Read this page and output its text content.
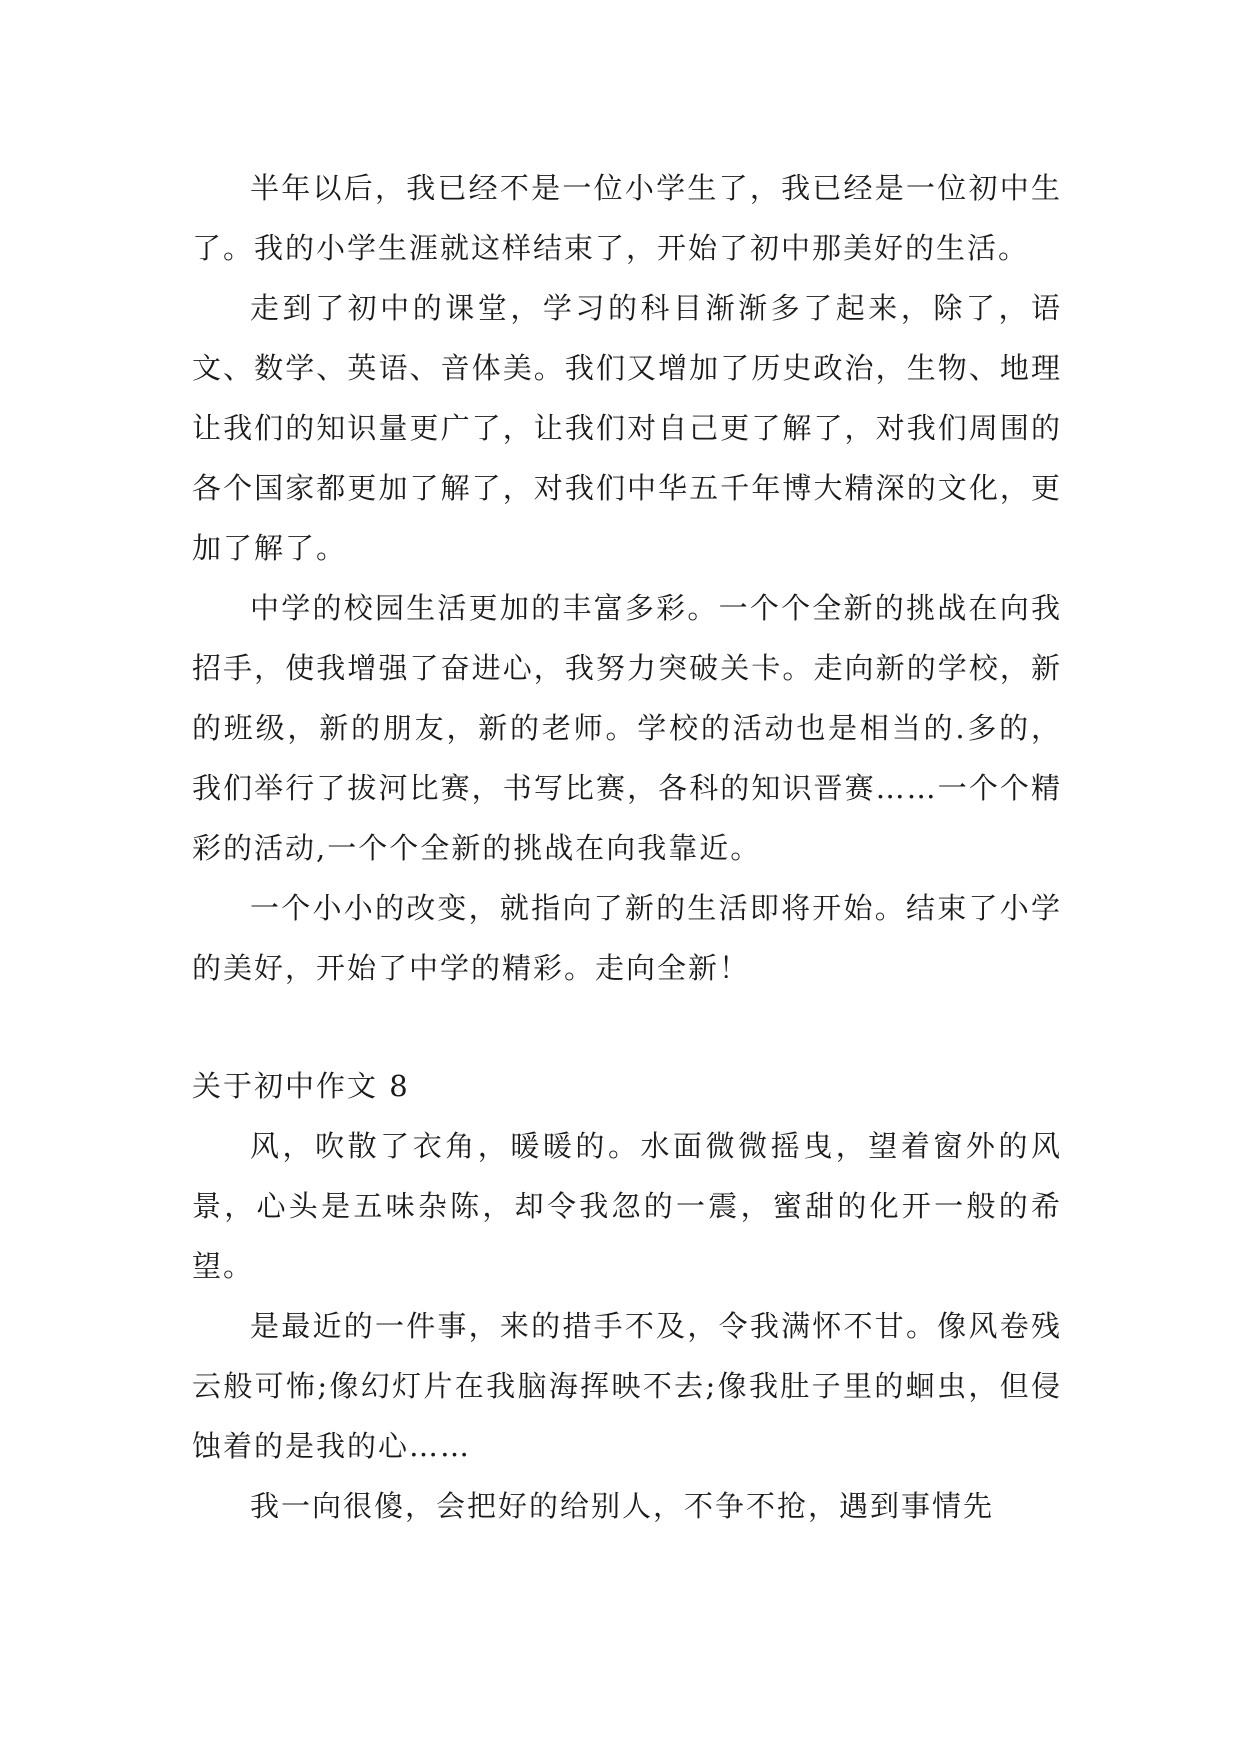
半年以后，我已经不是一位小学生了，我已经是一位初中生了。我的小学生涯就这样结束了，开始了初中那美好的生活。

走到了初中的课堂，学习的科目渐渐多了起来，除了，语文、数学、英语、音体美。我们又增加了历史政治，生物、地理让我们的知识量更广了，让我们对自己更了解了，对我们周围的各个国家都更加了解了，对我们中华五千年博大精深的文化，更加了解了。

中学的校园生活更加的丰富多彩。一个个全新的挑战在向我招手，使我增强了奋进心，我努力突破关卡。走向新的学校，新的班级，新的朋友，新的老师。学校的活动也是相当的.多的，我们举行了拔河比赛，书写比赛，各科的知识晋赛……一个个精彩的活动,一个个全新的挑战在向我靠近。

一个小小的改变，就指向了新的生活即将开始。结束了小学的美好，开始了中学的精彩。走向全新！

关于初中作文 8

风，吹散了衣角，暖暖的。水面微微摇曳，望着窗外的风景，心头是五味杂陈，却令我忽的一震，蜜甜的化开一般的希望。

是最近的一件事，来的措手不及，令我满怀不甘。像风卷残云般可怖;像幻灯片在我脑海挥映不去;像我肚子里的蛔虫，但侵蚀着的是我的心……

我一向很傻，会把好的给别人，不争不抢，遇到事情先
